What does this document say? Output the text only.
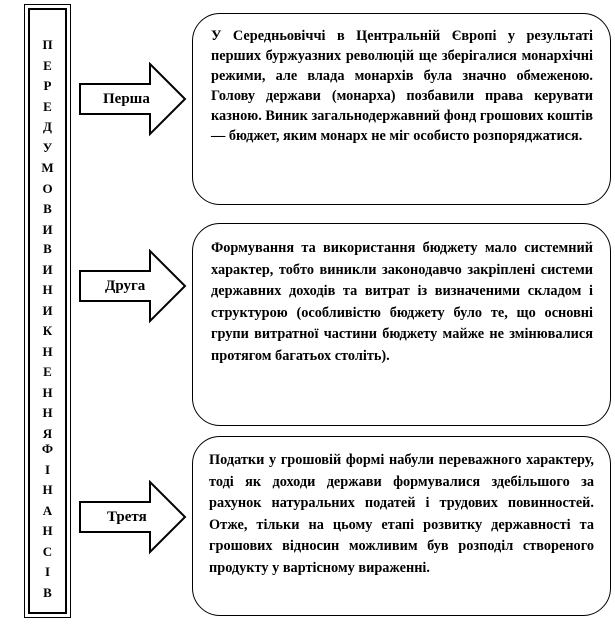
П
Е
Р
Е
Д
У
М
О
В
И
В
И
Н
И
К
Н
Е
Н
Н
Я
Ф
І
Н
А
Н
С
І
В
Перша
У Середньовіччі в Центральній Європі у результаті перших буржуазних революцій ще зберігалися монархічні режими, але влада монархів була значно обмеженою. Голову держави (монарха) позбавили права керувати казною. Виник загальнодержавний фонд грошових коштів — бюджет, яким монарх не міг особисто розпоряджатися.
Друга
Формування та використання бюджету мало системний характер, тобто виникли законодавчо закріплені системи державних доходів та витрат із визначеними складом і структурою (особливістю бюджету було те, що основні групи витратної частини бюджету майже не змінювалися протягом багатьох століть).
Третя
Податки у грошовій формі набули переважного характеру, тоді як доходи держави формувалися здебільшого за рахунок натуральних податей і трудових повинностей. Отже, тільки на цьому етапі розвитку державності та грошових відносин можливим був розподіл створеного продукту у вартісному вираженні.
